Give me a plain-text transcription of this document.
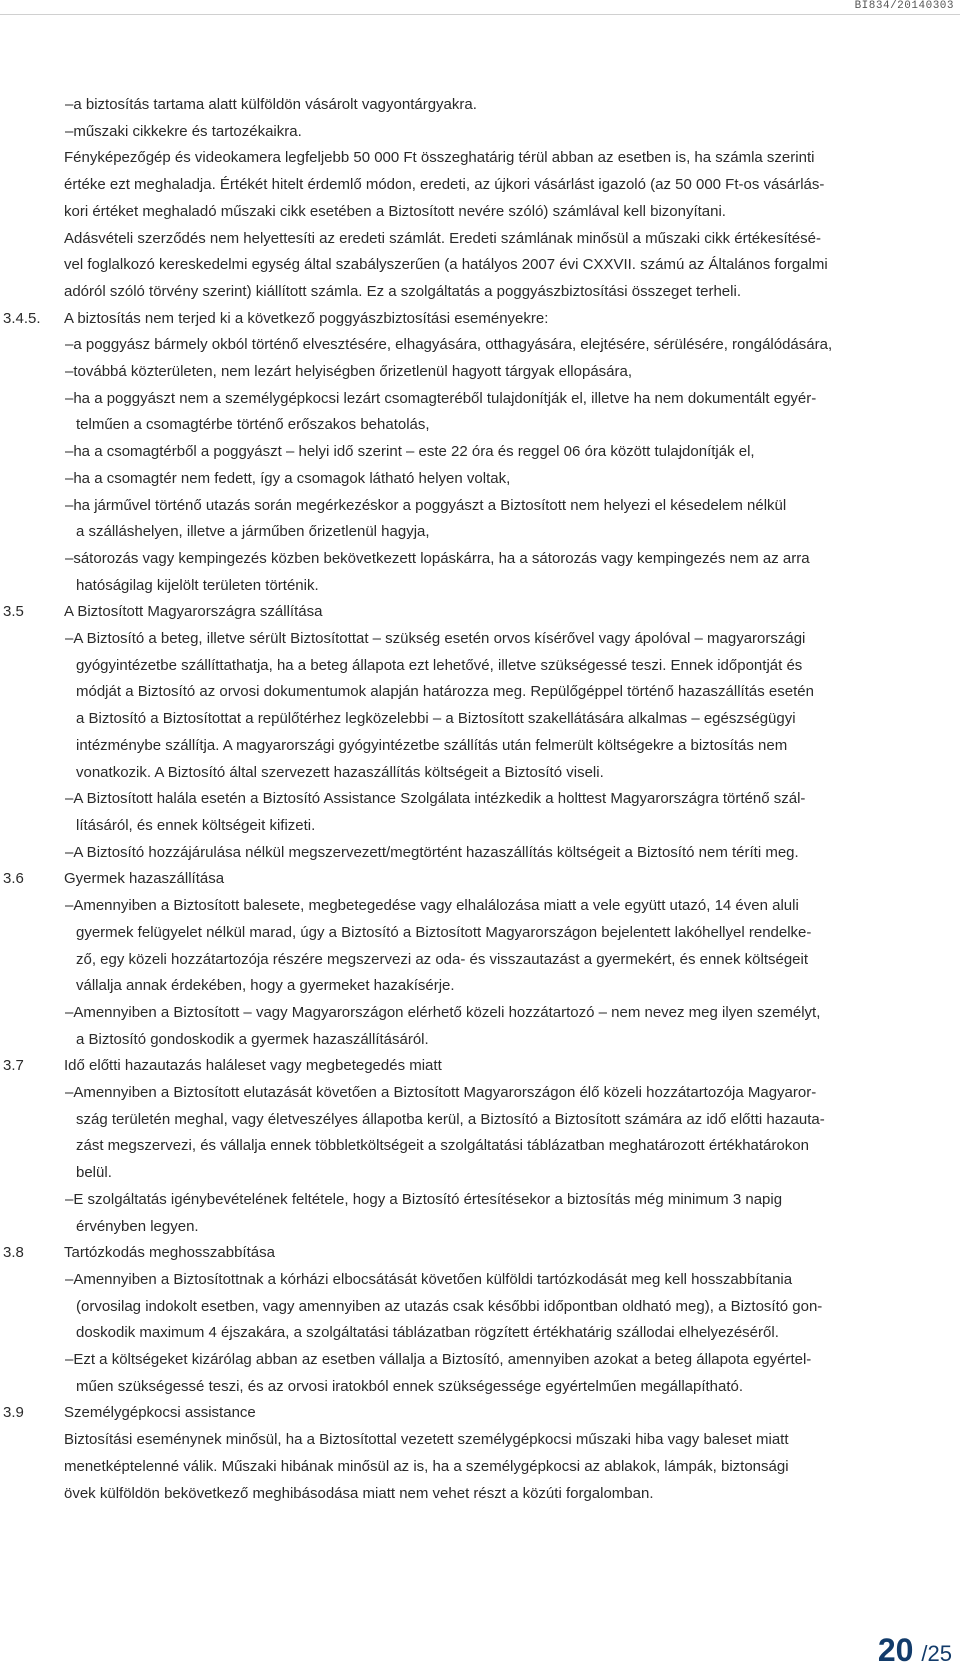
BI834/20140303
–a biztosítás tartama alatt külföldön vásárolt vagyontárgyakra.
–műszaki cikkekre és tartozékaikra.
Fényképezőgép és videokamera legfeljebb 50 000 Ft összeghatárig térül abban az esetben is, ha számla szerinti
értéke ezt meghaladja. Értékét hitelt érdemlő módon, eredeti, az újkori vásárlást igazoló (az 50 000 Ft-os vásárlás-
kori értéket meghaladó műszaki cikk esetében a Biztosított nevére szóló) számlával kell bizonyítani.
Adásvételi szerződés nem helyettesíti az eredeti számlát. Eredeti számlának minősül a műszaki cikk értékesítésé-
vel foglalkozó kereskedelmi egység által szabályszerűen (a hatályos 2007 évi CXXVII. számú az Általános forgalmi
adóról szóló törvény szerint) kiállított számla. Ez a szolgáltatás a poggyászbiztosítási összeget terheli.
3.4.5.	A biztosítás nem terjed ki a következő poggyászbiztosítási eseményekre:
–a poggyász bármely okból történő elvesztésére, elhagyására, otthagyására, elejtésére, sérülésére, rongálódására,
–továbbá közterületen, nem lezárt helyiségben őrizetlenül hagyott tárgyak ellopására,
–ha a poggyászt nem a személygépkocsi lezárt csomagteréből tulajdonítják el, illetve ha nem dokumentált egyér-
telműen a csomagtérbe történő erőszakos behatolás,
–ha a csomagtérből a poggyászt – helyi idő szerint – este 22 óra és reggel 06 óra között tulajdonítják el,
–ha a csomagtér nem fedett, így a csomagok látható helyen voltak,
–ha járművel történő utazás során megérkezéskor a poggyászt a Biztosított nem helyezi el késedelem nélkül
a szálláshelyen, illetve a járműben őrizetlenül hagyja,
–sátorozás vagy kempingezés közben bekövetkezett lopáskárra, ha a sátorozás vagy kempingezés nem az arra
hatóságilag kijelölt területen történik.
3.5	A Biztosított Magyarországra szállítása
–A Biztosító a beteg, illetve sérült Biztosítottat – szükség esetén orvos kísérővel vagy ápolóval – magyarországi
gyógyintézetbe szállíttathatja, ha a beteg állapota ezt lehetővé, illetve szükségessé teszi. Ennek időpontját és
módját a Biztosító az orvosi dokumentumok alapján határozza meg. Repülőgéppel történő hazaszállítás esetén
a Biztosító a Biztosítottat a repülőtérhez legközelebbi – a Biztosított szakellátására alkalmas – egészségügyi
intézménybe szállítja. A magyarországi gyógyintézetbe szállítás után felmerült költségekre a biztosítás nem
vonatkozik. A Biztosító által szervezett hazaszállítás költségeit a Biztosító viseli.
–A Biztosított halála esetén a Biztosító Assistance Szolgálata intézkedik a holttest Magyarországra történő szál-
lításáról, és ennek költségeit kifizeti.
–A Biztosító hozzájárulása nélkül megszervezett/megtörtént hazaszállítás költségeit a Biztosító nem téríti meg.
3.6	Gyermek hazaszállítása
–Amennyiben a Biztosított balesete, megbetegedése vagy elhalálozása miatt a vele együtt utazó, 14 éven aluli
gyermek felügyelet nélkül marad, úgy a Biztosító a Biztosított Magyarországon bejelentett lakóhellyel rendelke-
ző, egy közeli hozzátartozója részére megszervezi az oda- és visszautazást a gyermekért, és ennek költségeit
vállalja annak érdekében, hogy a gyermeket hazakísérje.
–Amennyiben a Biztosított – vagy Magyarországon elérhető közeli hozzátartozó – nem nevez meg ilyen személyt,
a Biztosító gondoskodik a gyermek hazaszállításáról.
3.7	Idő előtti hazautazás haláleset vagy megbetegedés miatt
–Amennyiben a Biztosított elutazását követően a Biztosított Magyarországon élő közeli hozzátartozója Magyaror-
szág területén meghal, vagy életveszélyes állapotba kerül, a Biztosító a Biztosított számára az idő előtti hazauta-
zást megszervezi, és vállalja ennek többletköltségeit a szolgáltatási táblázatban meghatározott értékhatárokon
belül.
–E szolgáltatás igénybevételének feltétele, hogy a Biztosító értesítésekor a biztosítás még minimum 3 napig
érvényben legyen.
3.8	Tartózkodás meghosszabbítása
–Amennyiben a Biztosítottnak a kórházi elbocsátását követően külföldi tartózkodását meg kell hosszabbítania
(orvosilag indokolt esetben, vagy amennyiben az utazás csak későbbi időpontban oldható meg), a Biztosító gon-
doskodik maximum 4 éjszakára, a szolgáltatási táblázatban rögzített értékhatárig szállodai elhelyezéséről.
–Ezt a költségeket kizárólag abban az esetben vállalja a Biztosító, amennyiben azokat a beteg állapota egyértel-
műen szükségessé teszi, és az orvosi iratokból ennek szükségessége egyértelműen megállapítható.
3.9	Személygépkocsi assistance
Biztosítási eseménynek minősül, ha a Biztosítottal vezetett személygépkocsi műszaki hiba vagy baleset miatt
menetképtelenné válik. Műszaki hibának minősül az is, ha a személygépkocsi az ablakok, lámpák, biztonsági
övek külföldön bekövetkező meghibásodása miatt nem vehet részt a közúti forgalomban.
20 /25
